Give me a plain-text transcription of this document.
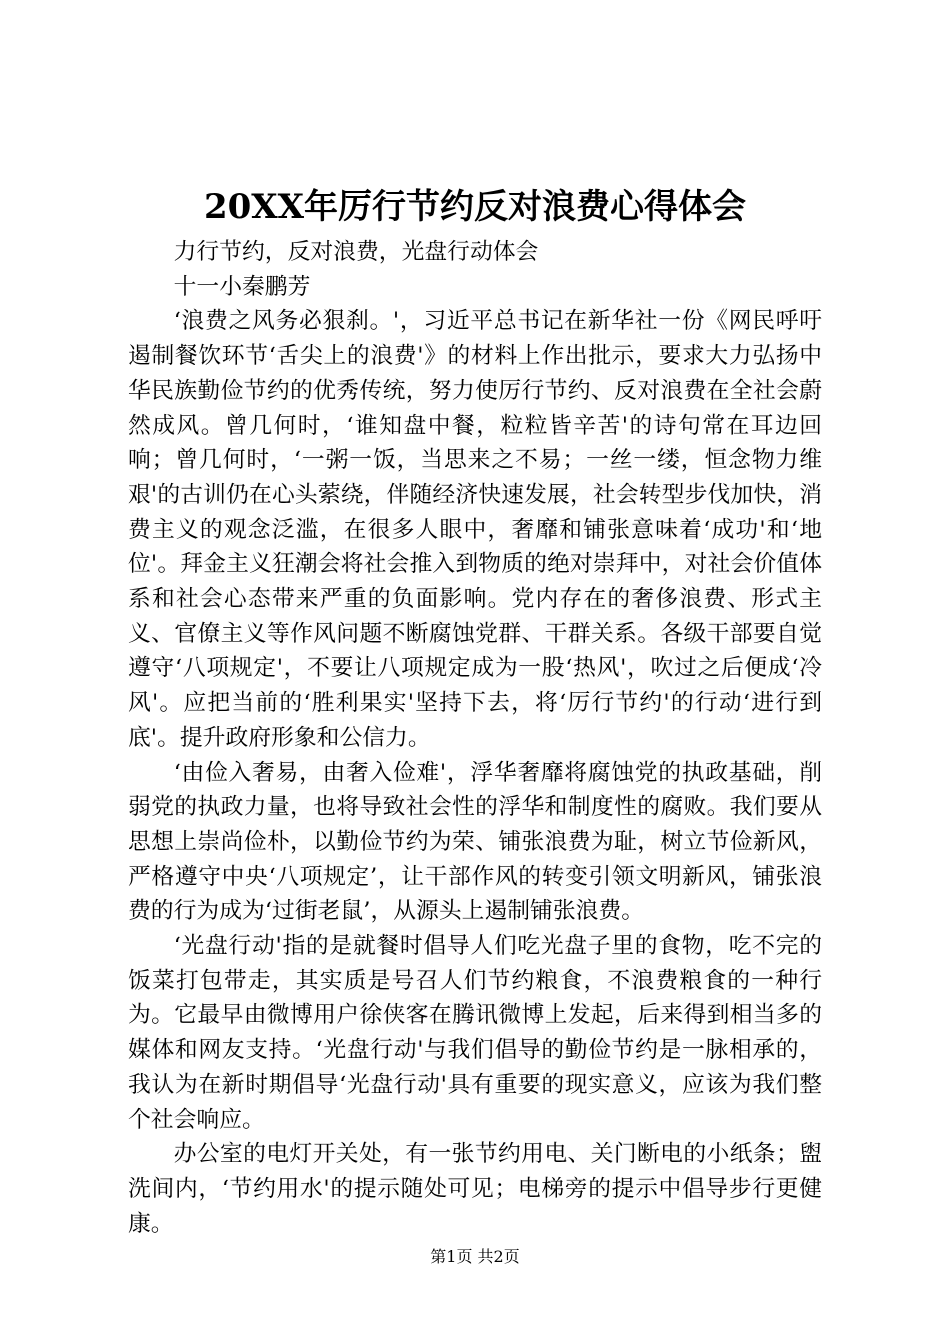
20XX年厉行节约反对浪费心得体会

力行节约，反对浪费，光盘行动体会

十一小秦鹏芳

‘浪费之风务必狠刹。'，习近平总书记在新华社一份《网民呼吁遏制餐饮环节‘舌尖上的浪费'》的材料上作出批示，要求大力弘扬中华民族勤俭节约的优秀传统，努力使厉行节约、反对浪费在全社会蔚然成风。曾几何时，‘谁知盘中餐，粒粒皆辛苦'的诗句常在耳边回响；曾几何时，‘一粥一饭，当思来之不易；一丝一缕，恒念物力维艰'的古训仍在心头萦绕，伴随经济快速发展，社会转型步伐加快，消费主义的观念泛滥，在很多人眼中，奢靡和铺张意味着‘成功'和‘地位'。拜金主义狂潮会将社会推入到物质的绝对崇拜中，对社会价值体系和社会心态带来严重的负面影响。党内存在的奢侈浪费、形式主义、官僚主义等作风问题不断腐蚀党群、干群关系。各级干部要自觉遵守‘八项规定'，不要让八项规定成为一股‘热风'，吹过之后便成‘冷风'。应把当前的‘胜利果实'坚持下去，将‘厉行节约'的行动‘进行到底'。提升政府形象和公信力。

‘由俭入奢易，由奢入俭难'，浮华奢靡将腐蚀党的执政基础，削弱党的执政力量，也将导致社会性的浮华和制度性的腐败。我们要从思想上崇尚俭朴，以勤俭节约为荣、铺张浪费为耻，树立节俭新风，严格遵守中央‘八项规定’，让干部作风的转变引领文明新风，铺张浪费的行为成为‘过街老鼠’，从源头上遏制铺张浪费。

‘光盘行动'指的是就餐时倡导人们吃光盘子里的食物，吃不完的饭菜打包带走，其实质是号召人们节约粮食，不浪费粮食的一种行为。它最早由微博用户徐侠客在腾讯微博上发起，后来得到相当多的媒体和网友支持。‘光盘行动'与我们倡导的勤俭节约是一脉相承的，我认为在新时期倡导‘光盘行动'具有重要的现实意义，应该为我们整个社会响应。

办公室的电灯开关处，有一张节约用电、关门断电的小纸条；盥洗间内，‘节约用水'的提示随处可见；电梯旁的提示中倡导步行更健康。

第1页 共2页
